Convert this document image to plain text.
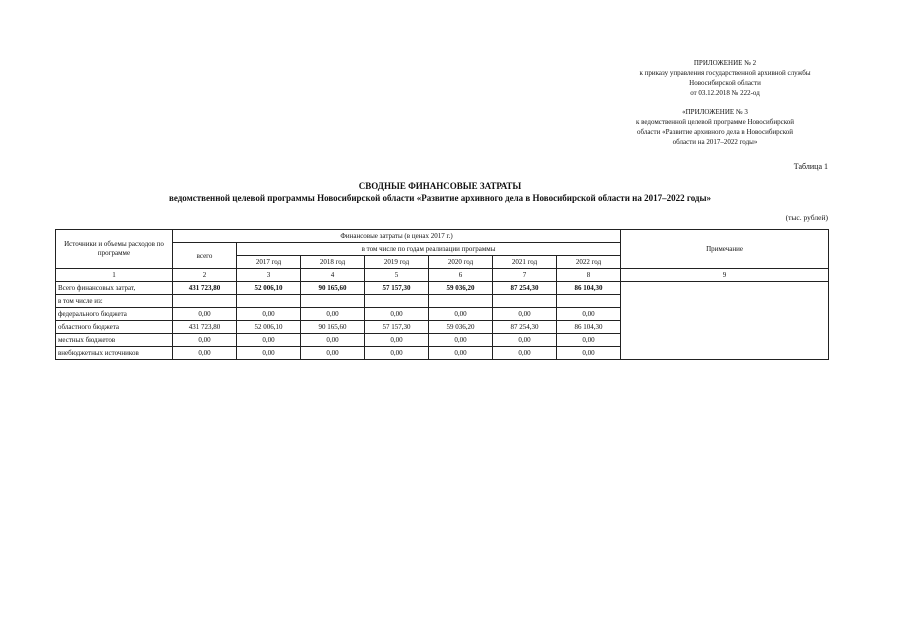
ПРИЛОЖЕНИЕ № 2
к приказу управления государственной архивной службы
Новосибирской области
от 03.12.2018 № 222-од
«ПРИЛОЖЕНИЕ № 3
к ведомственной целевой программе Новосибирской
области «Развитие архивного дела в Новосибирской
области на 2017–2022 годы»
Таблица 1
СВОДНЫЕ ФИНАНСОВЫЕ ЗАТРАТЫ
ведомственной целевой программы Новосибирской области «Развитие архивного дела в Новосибирской области на 2017–2022 годы»
(тыс. рублей)
Источники и объемы расходов по программе	Финансовые затраты (в ценах 2017 г.)							Примечание
	всего	в том числе по годам реализации программы						
		2017 год	2018 год	2019 год	2020 год	2021 год	2022 год	
1	2	3	4	5	6	7	8	9
Всего финансовых затрат,	431 723,80	52 006,10	90 165,60	57 157,30	59 036,20	87 254,30	86 104,30	
в том числе из:								
федерального бюджета	0,00	0,00	0,00	0,00	0,00	0,00	0,00	
областного бюджета	431 723,80	52 006,10	90 165,60	57 157,30	59 036,20	87 254,30	86 104,30	
местных бюджетов	0,00	0,00	0,00	0,00	0,00	0,00	0,00	
внебюджетных источников	0,00	0,00	0,00	0,00	0,00	0,00	0,00	
